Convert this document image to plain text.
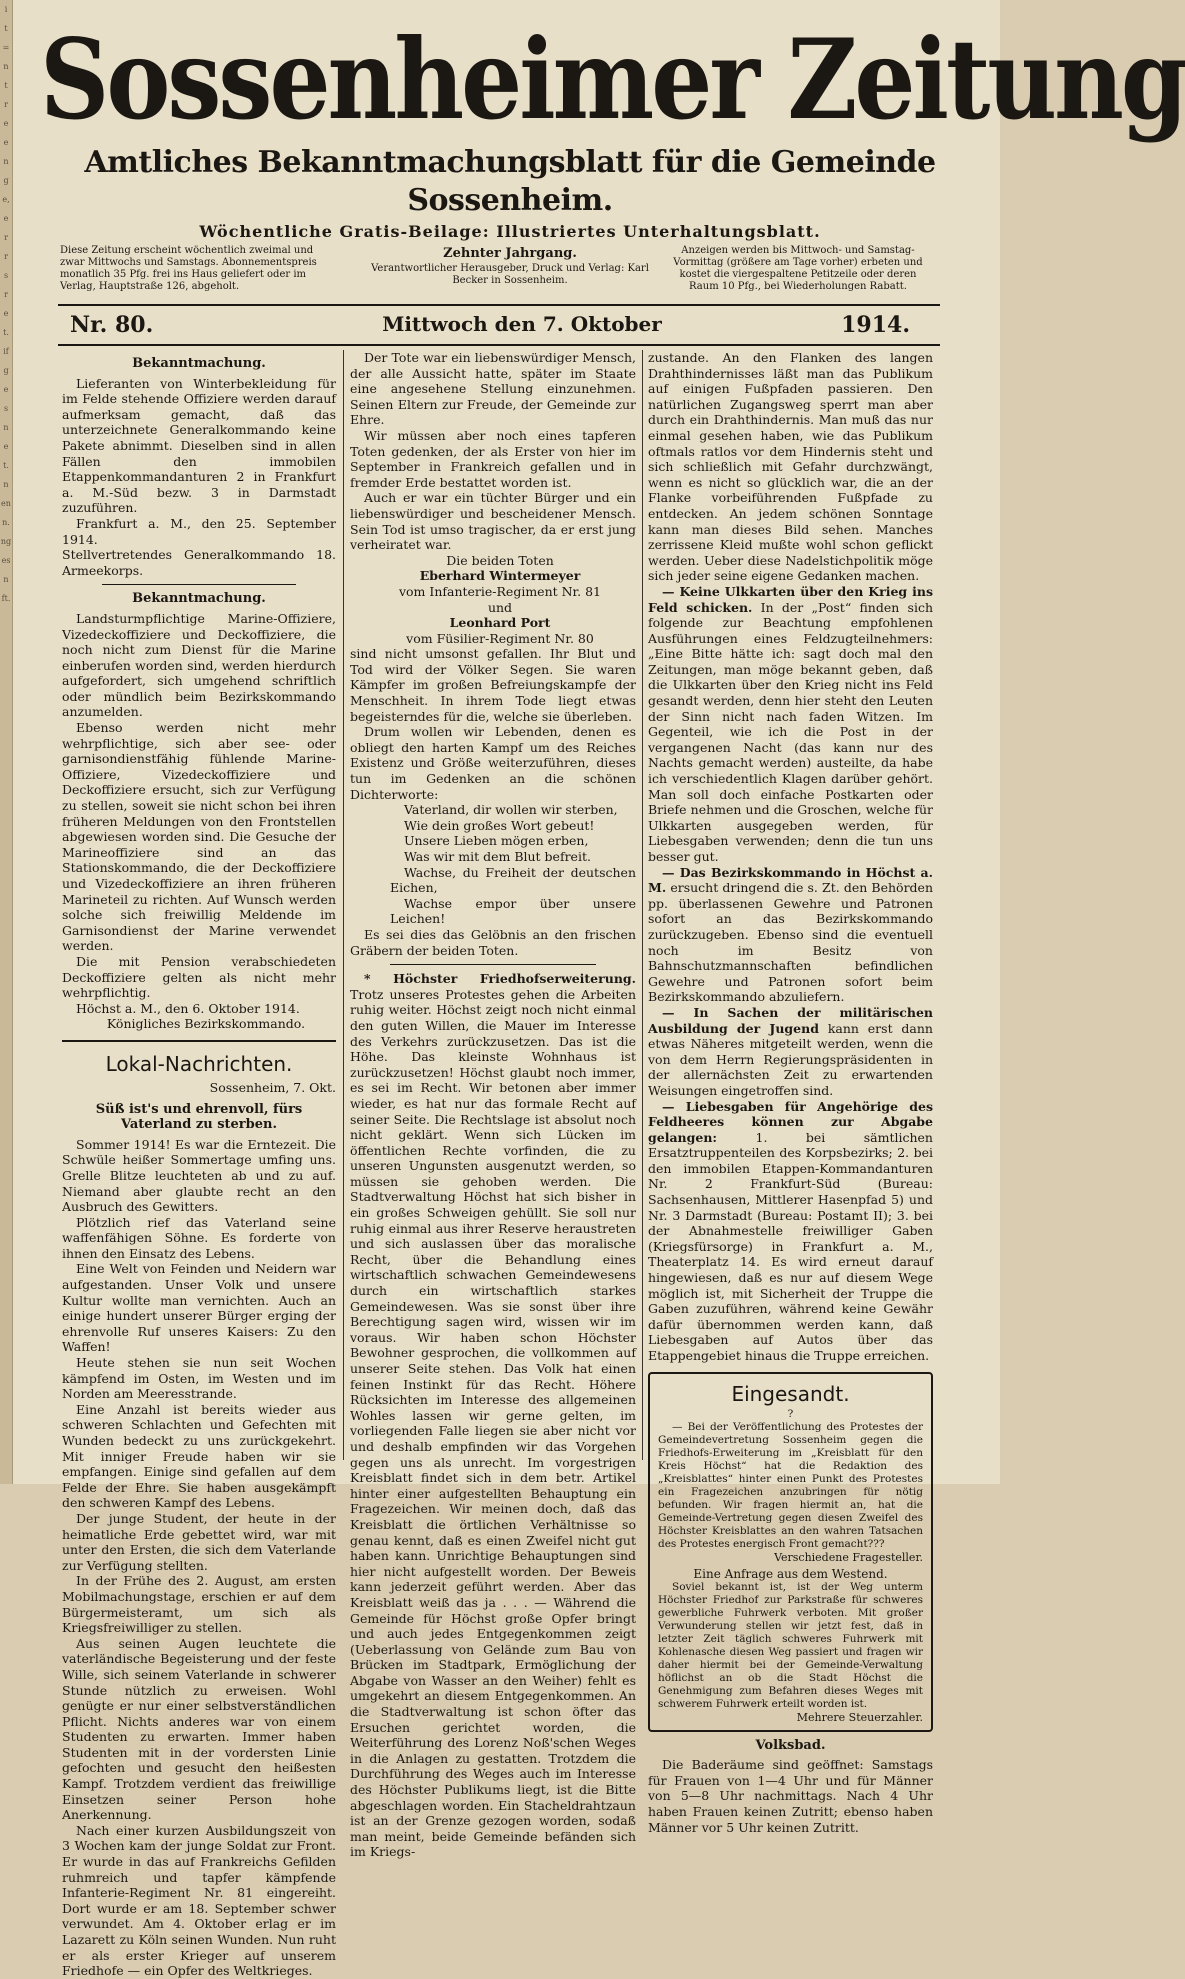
i
t
=
n
t
r
e
e
n
g
e,
e
r
r
s
r
e
t.
if
g
e
s
n
e
t.
n
en
n.
ng
es
n
ft.
Sossenheimer Zeitung
Amtliches Bekanntmachungsblatt für die Gemeinde Sossenheim.
Wöchentliche Gratis-Beilage: Illustriertes Unterhaltungsblatt.
Diese Zeitung erscheint wöchentlich zweimal und zwar Mittwochs und Samstags. Abonnementspreis monatlich 35 Pfg. frei ins Haus geliefert oder im Verlag, Hauptstraße 126, abgeholt.
Zehnter Jahrgang.
Verantwortlicher Herausgeber, Druck und Verlag: Karl Becker in Sossenheim.
Anzeigen werden bis Mittwoch- und Samstag-Vormittag (größere am Tage vorher) erbeten und kostet die viergespaltene Petitzeile oder deren Raum 10 Pfg., bei Wiederholungen Rabatt.
Nr. 80.	Mittwoch den 7. Oktober	1914.
Bekanntmachung.

Lieferanten von Winterbekleidung für im Felde stehende Offiziere werden darauf aufmerksam gemacht, daß das unterzeichnete Generalkommando keine Pakete abnimmt. Dieselben sind in allen Fällen den immobilen Etappenkommandanturen 2 in Frankfurt a. M.-Süd bezw. 3 in Darmstadt zuzuführen.

Frankfurt a. M., den 25. September 1914.

Stellvertretendes Generalkommando 18. Armeekorps.

Bekanntmachung.

Landsturmpflichtige Marine-Offiziere, Vizedeckoffiziere und Deckoffiziere, die noch nicht zum Dienst für die Marine einberufen worden sind, werden hierdurch aufgefordert, sich umgehend schriftlich oder mündlich beim Bezirkskommando anzumelden.

Ebenso werden nicht mehr wehrpflichtige, sich aber see- oder garnisondienstfähig fühlende Marine-Offiziere, Vizedeckoffiziere und Deckoffiziere ersucht, sich zur Verfügung zu stellen, soweit sie nicht schon bei ihren früheren Meldungen von den Frontstellen abgewiesen worden sind. Die Gesuche der Marineoffiziere sind an das Stationskommando, die der Deckoffiziere und Vizedeckoffiziere an ihren früheren Marineteil zu richten. Auf Wunsch werden solche sich freiwillig Meldende im Garnisondienst der Marine verwendet werden.

Die mit Pension verabschiedeten Deckoffiziere gelten als nicht mehr wehrpflichtig.

Höchst a. M., den 6. Oktober 1914.

Königliches Bezirkskommando.

Lokal-Nachrichten.

Sossenheim, 7. Okt.

Süß ist's und ehrenvoll, fürs Vaterland zu sterben.

Sommer 1914! Es war die Erntezeit. Die Schwüle heißer Sommertage umfing uns. Grelle Blitze leuchteten ab und zu auf. Niemand aber glaubte recht an den Ausbruch des Gewitters.

Plötzlich rief das Vaterland seine waffenfähigen Söhne. Es forderte von ihnen den Einsatz des Lebens.

Eine Welt von Feinden und Neidern war aufgestanden. Unser Volk und unsere Kultur wollte man vernichten. Auch an einige hundert unserer Bürger erging der ehrenvolle Ruf unseres Kaisers: Zu den Waffen!

Heute stehen sie nun seit Wochen kämpfend im Osten, im Westen und im Norden am Meeresstrande.

Eine Anzahl ist bereits wieder aus schweren Schlachten und Gefechten mit Wunden bedeckt zu uns zurückgekehrt. Mit inniger Freude haben wir sie empfangen. Einige sind gefallen auf dem Felde der Ehre. Sie haben ausgekämpft den schweren Kampf des Lebens.

Der junge Student, der heute in der heimatliche Erde gebettet wird, war mit unter den Ersten, die sich dem Vaterlande zur Verfügung stellten.

In der Frühe des 2. August, am ersten Mobilmachungstage, erschien er auf dem Bürgermeisteramt, um sich als Kriegsfreiwilliger zu stellen.

Aus seinen Augen leuchtete die vaterländische Begeisterung und der feste Wille, sich seinem Vaterlande in schwerer Stunde nützlich zu erweisen. Wohl genügte er nur einer selbstverständlichen Pflicht. Nichts anderes war von einem Studenten zu erwarten. Immer haben Studenten mit in der vordersten Linie gefochten und gesucht den heißesten Kampf. Trotzdem verdient das freiwillige Einsetzen seiner Person hohe Anerkennung.

Nach einer kurzen Ausbildungszeit von 3 Wochen kam der junge Soldat zur Front. Er wurde in das auf Frankreichs Gefilden ruhmreich und tapfer kämpfende Infanterie-Regiment Nr. 81 eingereiht. Dort wurde er am 18. September schwer verwundet. Am 4. Oktober erlag er im Lazarett zu Köln seinen Wunden. Nun ruht er als erster Krieger auf unserem Friedhofe — ein Opfer des Weltkrieges.

Der Tote war ein liebenswürdiger Mensch, der alle Aussicht hatte, später im Staate eine angesehene Stellung einzunehmen. Seinen Eltern zur Freude, der Gemeinde zur Ehre.

Wir müssen aber noch eines tapferen Toten gedenken, der als Erster von hier im September in Frankreich gefallen und in fremder Erde bestattet worden ist.

Auch er war ein tüchter Bürger und ein liebenswürdiger und bescheidener Mensch. Sein Tod ist umso tragischer, da er erst jung verheiratet war.

Die beiden Toten

Eberhard Wintermeyer

vom Infanterie-Regiment Nr. 81

und

Leonhard Port

vom Füsilier-Regiment Nr. 80

sind nicht umsonst gefallen. Ihr Blut und Tod wird der Völker Segen. Sie waren Kämpfer im großen Befreiungskampfe der Menschheit. In ihrem Tode liegt etwas begeisterndes für die, welche sie überleben.

Drum wollen wir Lebenden, denen es obliegt den harten Kampf um des Reiches Existenz und Größe weiterzuführen, dieses tun im Gedenken an die schönen Dichterworte:

Vaterland, dir wollen wir sterben,

Wie dein großes Wort gebeut!

Unsere Lieben mögen erben,

Was wir mit dem Blut befreit.

Wachse, du Freiheit der deutschen Eichen,

Wachse empor über unsere Leichen!

Es sei dies das Gelöbnis an den frischen Gräbern der beiden Toten.

* Höchster Friedhofserweiterung. Trotz unseres Protestes gehen die Arbeiten ruhig weiter. Höchst zeigt noch nicht einmal den guten Willen, die Mauer im Interesse des Verkehrs zurückzusetzen. Das ist die Höhe. Das kleinste Wohnhaus ist zurückzusetzen! Höchst glaubt noch immer, es sei im Recht. Wir betonen aber immer wieder, es hat nur das formale Recht auf seiner Seite. Die Rechtslage ist absolut noch nicht geklärt. Wenn sich Lücken im öffentlichen Rechte vorfinden, die zu unseren Ungunsten ausgenutzt werden, so müssen sie gehoben werden. Die Stadtverwaltung Höchst hat sich bisher in ein großes Schweigen gehüllt. Sie soll nur ruhig einmal aus ihrer Reserve heraustreten und sich auslassen über das moralische Recht, über die Behandlung eines wirtschaftlich schwachen Gemeindewesens durch ein wirtschaftlich starkes Gemeindewesen. Was sie sonst über ihre Berechtigung sagen wird, wissen wir im voraus. Wir haben schon Höchster Bewohner gesprochen, die vollkommen auf unserer Seite stehen. Das Volk hat einen feinen Instinkt für das Recht. Höhere Rücksichten im Interesse des allgemeinen Wohles lassen wir gerne gelten, im vorliegenden Falle liegen sie aber nicht vor und deshalb empfinden wir das Vorgehen gegen uns als unrecht. Im vorgestrigen Kreisblatt findet sich in dem betr. Artikel hinter einer aufgestellten Behauptung ein Fragezeichen. Wir meinen doch, daß das Kreisblatt die örtlichen Verhältnisse so genau kennt, daß es einen Zweifel nicht gut haben kann. Unrichtige Behauptungen sind hier nicht aufgestellt worden. Der Beweis kann jederzeit geführt werden. Aber das Kreisblatt weiß das ja . . . — Während die Gemeinde für Höchst große Opfer bringt und auch jedes Entgegenkommen zeigt (Ueberlassung von Gelände zum Bau von Brücken im Stadtpark, Ermöglichung der Abgabe von Wasser an den Weiher) fehlt es umgekehrt an diesem Entgegenkommen. An die Stadtverwaltung ist schon öfter das Ersuchen gerichtet worden, die Weiterführung des Lorenz Noß'schen Weges in die Anlagen zu gestatten. Trotzdem die Durchführung des Weges auch im Interesse des Höchster Publikums liegt, ist die Bitte abgeschlagen worden. Ein Stacheldrahtzaun ist an der Grenze gezogen worden, sodaß man meint, beide Gemeinde befänden sich im Kriegs-

zustande. An den Flanken des langen Drahthindernisses läßt man das Publikum auf einigen Fußpfaden passieren. Den natürlichen Zugangsweg sperrt man aber durch ein Drahthindernis. Man muß das nur einmal gesehen haben, wie das Publikum oftmals ratlos vor dem Hindernis steht und sich schließlich mit Gefahr durchzwängt, wenn es nicht so glücklich war, die an der Flanke vorbeiführenden Fußpfade zu entdecken. An jedem schönen Sonntage kann man dieses Bild sehen. Manches zerrissene Kleid mußte wohl schon geflickt werden. Ueber diese Nadelstichpolitik möge sich jeder seine eigene Gedanken machen.

— Keine Ulkkarten über den Krieg ins Feld schicken. In der „Post“ finden sich folgende zur Beachtung empfohlenen Ausführungen eines Feldzugteilnehmers: „Eine Bitte hätte ich: sagt doch mal den Zeitungen, man möge bekannt geben, daß die Ulkkarten über den Krieg nicht ins Feld gesandt werden, denn hier steht den Leuten der Sinn nicht nach faden Witzen. Im Gegenteil, wie ich die Post in der vergangenen Nacht (das kann nur des Nachts gemacht werden) austeilte, da habe ich verschiedentlich Klagen darüber gehört. Man soll doch einfache Postkarten oder Briefe nehmen und die Groschen, welche für Ulkkarten ausgegeben werden, für Liebesgaben verwenden; denn die tun uns besser gut.

— Das Bezirkskommando in Höchst a. M. ersucht dringend die s. Zt. den Behörden pp. überlassenen Gewehre und Patronen sofort an das Bezirkskommando zurückzugeben. Ebenso sind die eventuell noch im Besitz von Bahnschutzmannschaften befindlichen Gewehre und Patronen sofort beim Bezirkskommando abzuliefern.

— In Sachen der militärischen Ausbildung der Jugend kann erst dann etwas Näheres mitgeteilt werden, wenn die von dem Herrn Regierungspräsidenten in der allernächsten Zeit zu erwartenden Weisungen eingetroffen sind.

— Liebesgaben für Angehörige des Feldheeres können zur Abgabe gelangen:	1. bei sämtlichen Ersatztruppenteilen des Korpsbezirks; 2. bei den immobilen Etappen-Kommandanturen Nr. 2 Frankfurt-Süd (Bureau: Sachsenhausen, Mittlerer Hasenpfad 5) und Nr. 3 Darmstadt (Bureau: Postamt II); 3. bei der Abnahmestelle freiwilliger Gaben (Kriegsfürsorge) in Frankfurt a. M., Theaterplatz 14. Es wird erneut darauf hingewiesen, daß es nur auf diesem Wege möglich ist, mit Sicherheit der Truppe die Gaben zuzuführen, während keine Gewähr dafür übernommen werden kann, daß Liebesgaben auf Autos über das Etappengebiet hinaus die Truppe erreichen.

Eingesandt.
?

— Bei der Veröffentlichung des Protestes der Gemeindevertretung Sossenheim gegen die Friedhofs-Erweiterung im „Kreisblatt für den Kreis Höchst“ hat die Redaktion des „Kreisblattes“ hinter einen Punkt des Protestes ein Fragezeichen anzubringen für nötig befunden. Wir fragen hiermit an, hat die Gemeinde-Vertretung gegen diesen Zweifel des Höchster Kreisblattes an den wahren Tatsachen des Protestes energisch Front gemacht???

Verschiedene Fragesteller.
Eine Anfrage aus dem Westend.

Soviel bekannt ist, ist der Weg unterm Höchster Friedhof zur Parkstraße für schweres gewerbliche Fuhrwerk verboten. Mit großer Verwunderung stellen wir jetzt fest, daß in letzter Zeit täglich schweres Fuhrwerk mit Kohlenasche diesen Weg passiert und fragen wir daher hiermit bei der Gemeinde-Verwaltung höflichst an ob die Stadt Höchst die Genehmigung zum Befahren dieses Weges mit schwerem Fuhrwerk erteilt worden ist.

Mehrere Steuerzahler.
Volksbad.

Die Baderäume sind geöffnet: Samstags für Frauen von 1—4 Uhr und für Männer von 5—8 Uhr nachmittags. Nach 4 Uhr haben Frauen keinen Zutritt; ebenso haben Männer vor 5 Uhr keinen Zutritt.
